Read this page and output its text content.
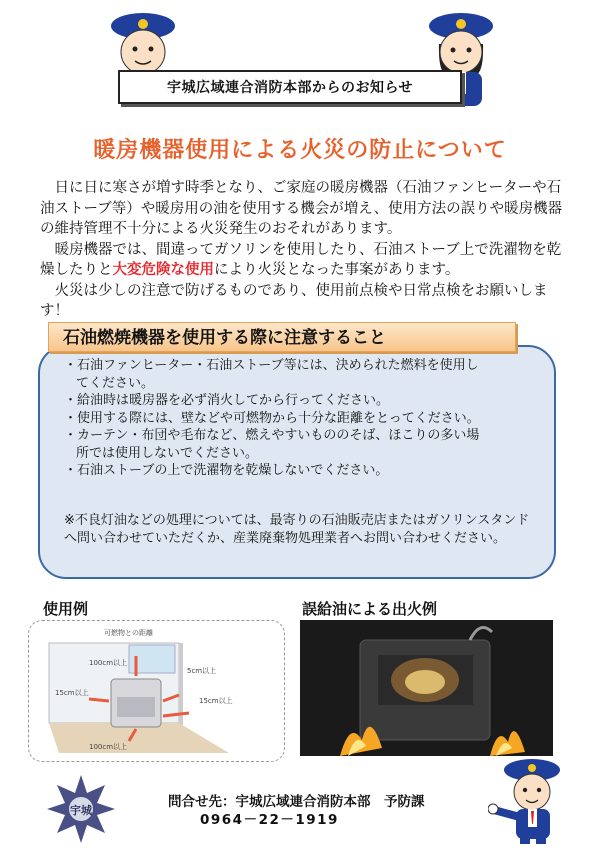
宇城広域連合消防本部からのお知らせ
暖房機器使用による火災の防止について

日に日に寒さが増す時季となり、ご家庭の暖房機器（石油ファンヒーターや石油ストーブ等）や暖房用の油を使用する機会が増え、使用方法の誤りや暖房機器の維持管理不十分による火災発生のおそれがあります。

暖房機器では、間違ってガソリンを使用したり、石油ストーブ上で洗濯物を乾燥したりと大変危険な使用により火災となった事案があります。

火災は少しの注意で防げるものであり、使用前点検や日常点検をお願いします！

石油燃焼機器を使用する際に注意すること
・ 石油ファンヒーター・石油ストーブ等には、決められた燃料を使用してください。
・ 給油時は暖房器を必ず消火してから行ってください。
・ 使用する際には、壁などや可燃物から十分な距離をとってください。
・ カーテン・布団や毛布など、燃えやすいもののそば、ほこりの多い場所では使用しないでください。
・ 石油ストーブの上で洗濯物を乾燥しないでください。
※不良灯油などの処理については、最寄りの石油販売店またはガソリンスタンドへ問い合わせていただくか、産業廃棄物処理業者へお問い合わせください。
使用例	誤給油による出火例
可燃物との距離
100cm以上
5cm以上
15cm以上
15cm以上
100cm以上
宇城
問合せ先：宇城広域連合消防本部　予防課
0964－22－1919
